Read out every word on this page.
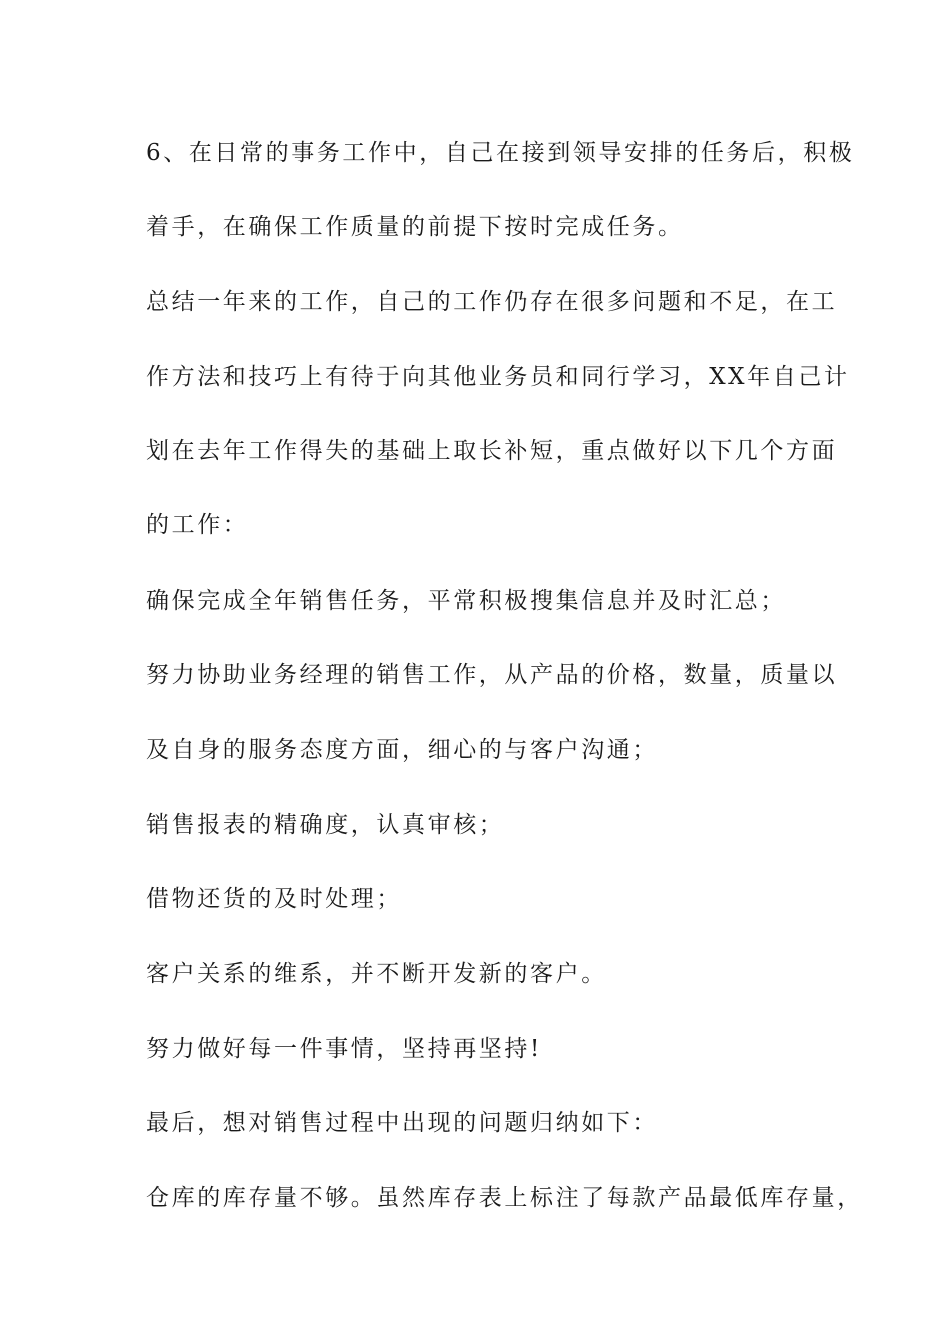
6、在日常的事务工作中，自己在接到领导安排的任务后，积极
着手，在确保工作质量的前提下按时完成任务。
总结一年来的工作，自己的工作仍存在很多问题和不足，在工
作方法和技巧上有待于向其他业务员和同行学习，XX年自己计
划在去年工作得失的基础上取长补短，重点做好以下几个方面
的工作：
确保完成全年销售任务，平常积极搜集信息并及时汇总；
努力协助业务经理的销售工作，从产品的价格，数量，质量以
及自身的服务态度方面，细心的与客户沟通；
销售报表的精确度，认真审核；
借物还货的及时处理；
客户关系的维系，并不断开发新的客户。
努力做好每一件事情，坚持再坚持!
最后，想对销售过程中出现的问题归纳如下：
仓库的库存量不够。虽然库存表上标注了每款产品最低库存量，
